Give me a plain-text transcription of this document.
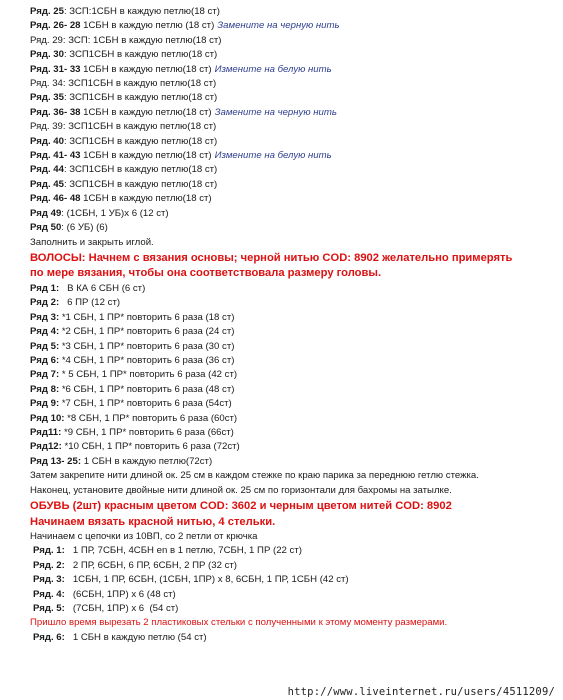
Ряд. 25: ЗСП:1СБН в каждую петлю(18 ст)
Ряд. 26- 28 1СБН в каждую петлю (18 ст) Замените на черную нить
Ряд. 29: ЗСП: 1СБН в каждую петлю(18 ст)
Ряд. 30: ЗСП1СБН в каждую петлю(18 ст)
Ряд. 31- 33 1СБН в каждую петлю(18 ст) Измените на белую нить
Ряд. 34: ЗСП1СБН в каждую петлю(18 ст)
Ряд. 35: ЗСП1СБН в каждую петлю(18 ст)
Ряд. 36- 38 1СБН в каждую петлю(18 ст) Замените на черную нить
Ряд. 39: ЗСП1СБН в каждую петлю(18 ст)
Ряд. 40: ЗСП1СБН в каждую петлю(18 ст)
Ряд. 41- 43 1СБН в каждую петлю(18 ст) Измените на белую нить
Ряд. 44: ЗСП1СБН в каждую петлю(18 ст)
Ряд. 45: ЗСП1СБН в каждую петлю(18 ст)
Ряд. 46- 48 1СБН в каждую петлю(18 ст)
Ряд 49: (1СБН, 1 УБ)х 6 (12 ст)
Ряд 50: (6 УБ) (6)
Заполнить и закрыть иглой.
ВОЛОСЫ: Начнем с вязания основы; черной нитью COD: 8902 желательно примерять
по мере вязания, чтобы она соответствовала размеру головы.
Ряд 1:   В КА 6 СБН (6 ст)
Ряд 2:   6 ПР (12 ст)
Ряд 3: *1 СБН, 1 ПР* повторить 6 раза (18 ст)
Ряд 4: *2 СБН, 1 ПР* повторить 6 раза (24 ст)
Ряд 5: *3 СБН, 1 ПР* повторить 6 раза (30 ст)
Ряд 6: *4 СБН, 1 ПР* повторить 6 раза (36 ст)
Ряд 7: * 5 СБН, 1 ПР* повторить 6 раза (42 ст)
Ряд 8: *6 СБН, 1 ПР* повторить 6 раза (48 ст)
Ряд 9: *7 СБН, 1 ПР* повторить 6 раза (54ст)
Ряд 10: *8 СБН, 1 ПР* повторить 6 раза (60ст)
Ряд11: *9 СБН, 1 ПР* повторить 6 раза (66ст)
Ряд12: *10 СБН, 1 ПР* повторить 6 раза (72ст)
Ряд 13- 25: 1 СБН в каждую петлю(72ст)
Затем закрепите нити длиной ок. 25 см в каждом стежке по краю парика за переднюю гетлю стежка.
Наконец, установите двойные нити длиной ок. 25 см по горизонтали для бахромы на затылке.
ОБУВЬ (2шт) красным цветом COD: 3602 и черным цветом нитей COD: 8902
Начинаем вязать красной нитью, 4 стельки.
Начинаем с цепочки из 10ВП, со 2 петли от крючка
Ряд. 1:   1 ПР, 7СБН, 4СБН en в 1 петлю, 7СБН, 1 ПР (22 ст)
Ряд. 2:   2 ПР, 6СБН, 6 ПР, 6СБН, 2 ПР (32 ст)
Ряд. 3:   1СБН, 1 ПР, 6СБН, (1СБН, 1ПР) х 8, 6СБН, 1 ПР, 1СБН (42 ст)
Ряд. 4:   (6СБН, 1ПР) х 6 (48 ст)
Ряд. 5:   (7СБН, 1ПР) х 6  (54 ст)
Пришло время вырезать 2 пластиковых стельки с полученными к этому моменту размерами.
Ряд. 6:   1 СБН в каждую петлю (54 ст)
http://www.liveinternet.ru/users/4511209/
